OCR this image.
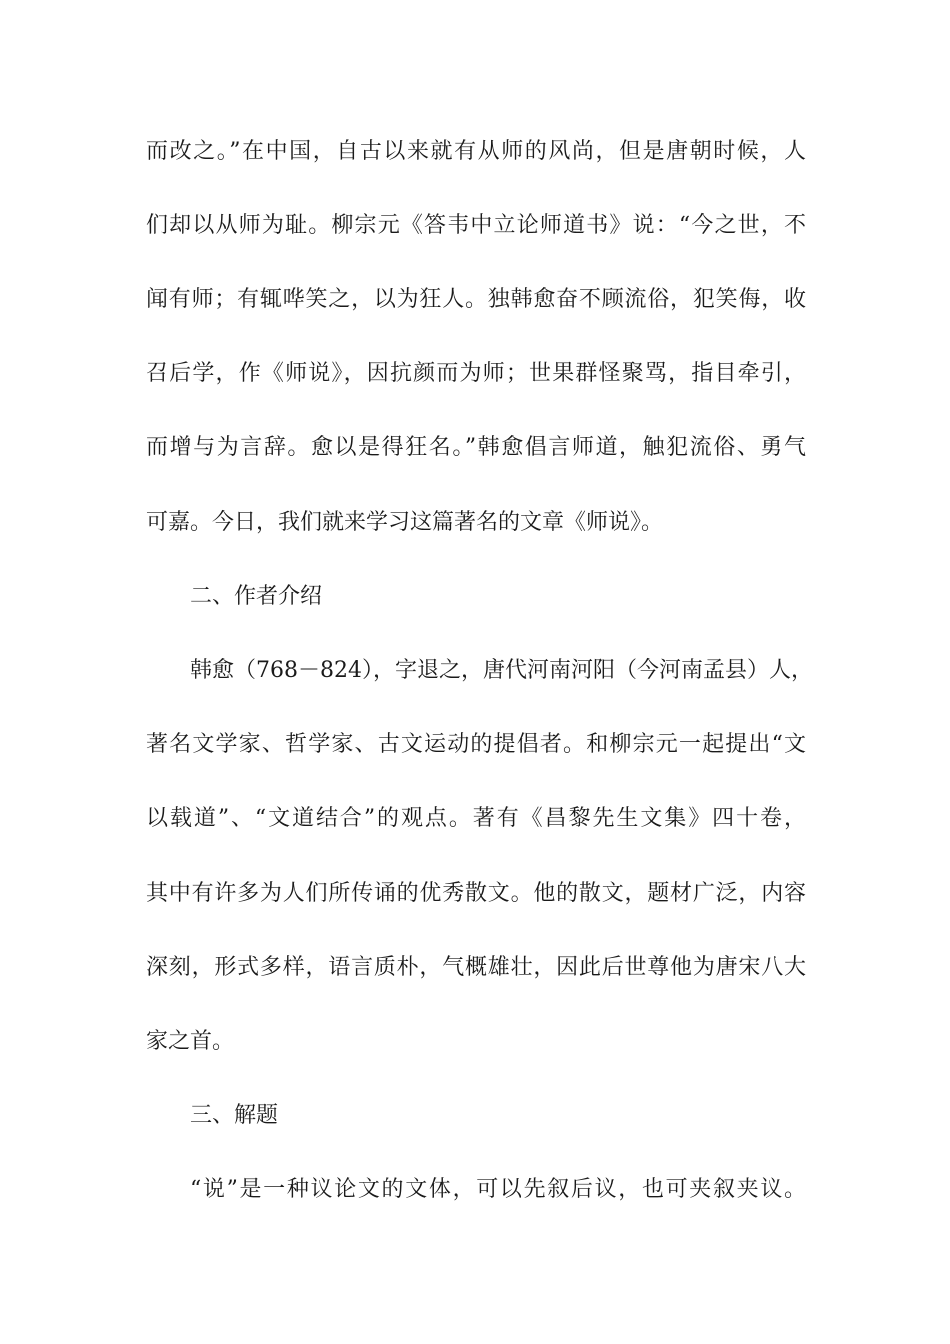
而改之。”在中国，自古以来就有从师的风尚，但是唐朝时候，人
们却以从师为耻。柳宗元《答韦中立论师道书》说：“今之世，不
闻有师；有辄哗笑之，以为狂人。独韩愈奋不顾流俗，犯笑侮，收
召后学，作《师说》，因抗颜而为师；世果群怪聚骂，指目牵引，
而增与为言辞。愈以是得狂名。”韩愈倡言师道，触犯流俗、勇气
可嘉。今日，我们就来学习这篇著名的文章《师说》。
二、作者介绍
韩愈（768－824），字退之，唐代河南河阳（今河南孟县）人，
著名文学家、哲学家、古文运动的提倡者。和柳宗元一起提出“文
以载道”、“文道结合”的观点。著有《昌黎先生文集》四十卷，
其中有许多为人们所传诵的优秀散文。他的散文，题材广泛，内容
深刻，形式多样，语言质朴，气概雄壮，因此后世尊他为唐宋八大
家之首。
三、解题
“说”是一种议论文的文体，可以先叙后议，也可夹叙夹议。
